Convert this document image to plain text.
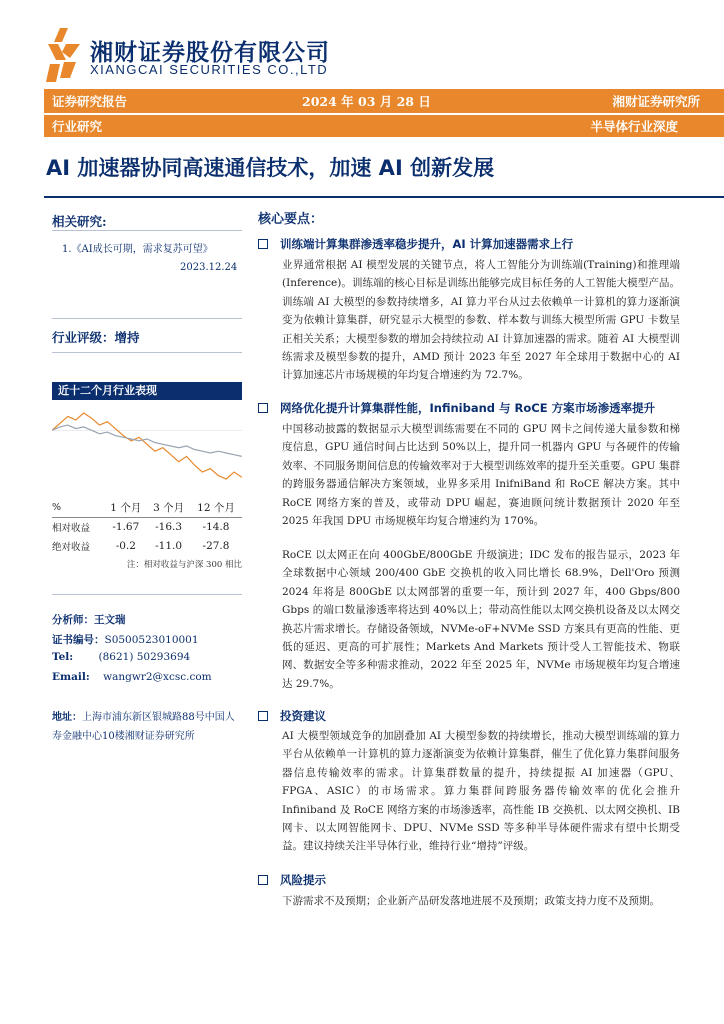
湘财证券股份有限公司
XIANGCAI SECURITIES CO.,LTD
证券研究报告	2024 年 03 月 28 日	湘财证券研究所
行业研究	半导体行业深度
AI 加速器协同高速通信技术，加速 AI 创新发展
相关研究:
1.《AI成长可期，需求复苏可望》
2023.12.24
行业评级：增持
近十二个月行业表现
%	1 个月	3 个月	12 个月
相对收益	-1.67	-16.3	-14.8
绝对收益	-0.2	-11.0	-27.8
注：相对收益与沪深 300 相比
分析师：王文瑞
证书编号：S0500523010001
Tel: (8621) 50293694
Email: wangwr2@xcsc.com
地址：上海市浦东新区银城路88号中国人寿金融中心10楼湘财证券研究所
核心要点：
训练端计算集群渗透率稳步提升，AI 计算加速器需求上行

业界通常根据 AI 模型发展的关键节点，将人工智能分为训练端(Training)和推理端(Inference)。训练端的核心目标是训练出能够完成目标任务的人工智能大模型产品。训练端 AI 大模型的参数持续增多，AI 算力平台从过去依赖单一计算机的算力逐渐演变为依赖计算集群，研究显示大模型的参数、样本数与训练大模型所需 GPU 卡数呈正相关关系；大模型参数的增加会持续拉动 AI 计算加速器的需求。随着 AI 大模型训练需求及模型参数的提升，AMD 预计 2023 年至 2027 年全球用于数据中心的 AI 计算加速芯片市场规模的年均复合增速约为 72.7%。

网络优化提升计算集群性能，Infiniband 与 RoCE 方案市场渗透率提升

中国移动披露的数据显示大模型训练需要在不同的 GPU 网卡之间传递大量参数和梯度信息，GPU 通信时间占比达到 50%以上，提升同一机器内 GPU 与各硬件的传输效率、不同服务期间信息的传输效率对于大模型训练效率的提升至关重要。GPU 集群的跨服务器通信解决方案领域，业界多采用 InifniBand 和 RoCE 解决方案。其中 RoCE 网络方案的普及，或带动 DPU 崛起，赛迪顾问统计数据预计 2020 年至 2025 年我国 DPU 市场规模年均复合增速约为 170%。

RoCE 以太网正在向 400GbE/800GbE 升级演进；IDC 发布的报告显示，2023 年全球数据中心领域 200/400 GbE 交换机的收入同比增长 68.9%，Dell'Oro 预测 2024 年将是 800GbE 以太网部署的重要一年，预计到 2027 年，400 Gbps/800 Gbps 的端口数量渗透率将达到 40%以上；带动高性能以太网交换机设备及以太网交换芯片需求增长。存储设备领域，NVMe-oF+NVMe SSD 方案具有更高的性能、更低的延迟、更高的可扩展性；Markets And Markets 预计受人工智能技术、物联网、数据安全等多种需求推动，2022 年至 2025 年，NVMe 市场规模年均复合增速达 29.7%。

投资建议

AI 大模型领域竞争的加剧叠加 AI 大模型参数的持续增长，推动大模型训练端的算力平台从依赖单一计算机的算力逐渐演变为依赖计算集群，催生了优化算力集群间服务器信息传输效率的需求。计算集群数量的提升，持续提振 AI 加速器（GPU、FPGA、ASIC）的市场需求。算力集群间跨服务器传输效率的优化会推升 Infiniband 及 RoCE 网络方案的市场渗透率，高性能 IB 交换机、以太网交换机、IB 网卡、以太网智能网卡、DPU、NVMe SSD 等多种半导体硬件需求有望中长期受益。建议持续关注半导体行业，维持行业“增持”评级。

风险提示

下游需求不及预期；企业新产品研发落地进展不及预期；政策支持力度不及预期。
